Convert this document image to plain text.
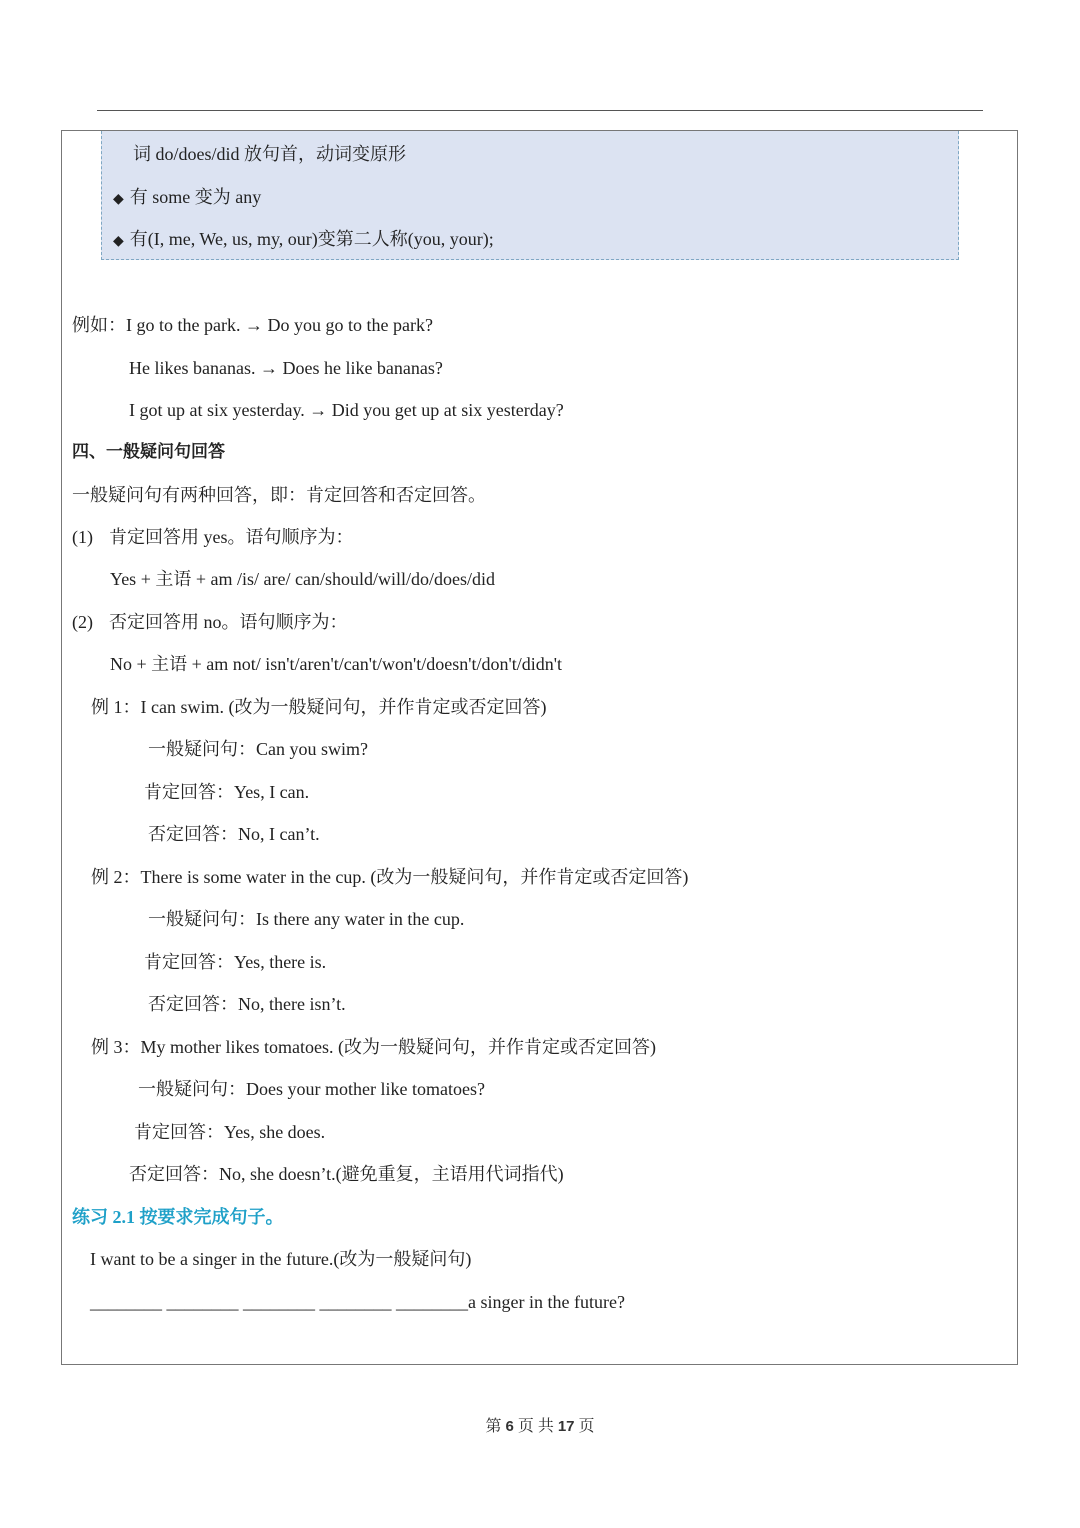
词 do/does/did 放句首，动词变原形
◆ 有 some 变为 any
◆ 有(I, me, We, us, my, our)变第二人称(you, your);
例如：I go to the park. → Do you go to the park?
He likes bananas. → Does he like bananas?
I got up at six yesterday. → Did you get up at six yesterday?
四、一般疑问句回答
一般疑问句有两种回答，即：肯定回答和否定回答。
(1) 肯定回答用 yes。语句顺序为：
Yes + 主语 + am /is/ are/ can/should/will/do/does/did
(2) 否定回答用 no。语句顺序为：
No + 主语 + am not/ isn't/aren't/can't/won't/doesn't/don't/didn't
例 1：I can swim. (改为一般疑问句，并作肯定或否定回答)
一般疑问句：Can you swim?
肯定回答：Yes, I can.
否定回答：No, I can’t.
例 2：There is some water in the cup. (改为一般疑问句，并作肯定或否定回答)
一般疑问句：Is there any water in the cup.
肯定回答：Yes, there is.
否定回答：No, there isn’t.
例 3：My mother likes tomatoes. (改为一般疑问句，并作肯定或否定回答)
一般疑问句：Does your mother like tomatoes?
肯定回答：Yes, she does.
否定回答：No, she doesn’t.(避免重复，主语用代词指代)
练习 2.1 按要求完成句子。
I want to be a singer in the future.(改为一般疑问句)
________ ________ ________ ________ ________a singer in the future?
第 6 页 共 17 页
